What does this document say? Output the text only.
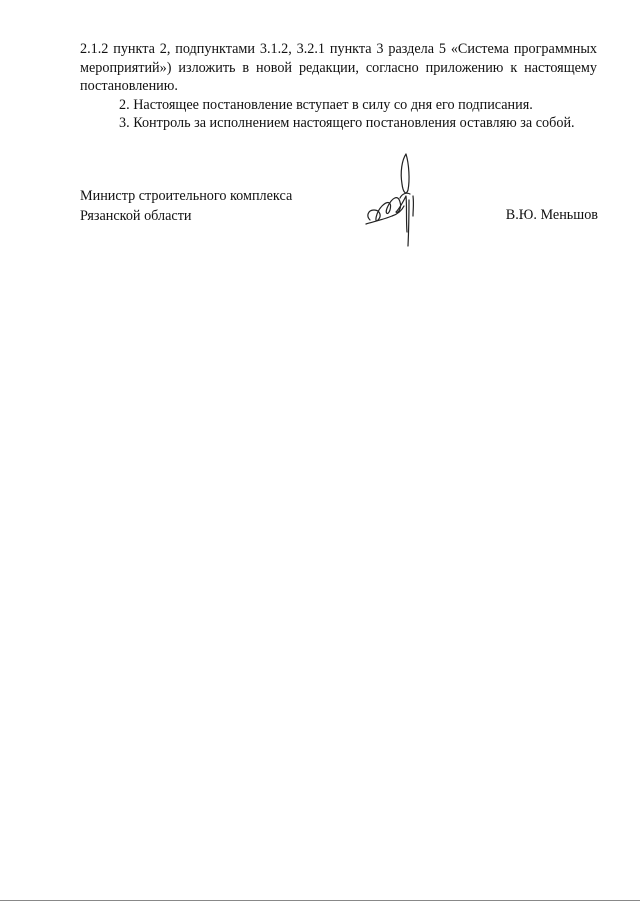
2.1.2 пункта 2, подпунктами 3.1.2, 3.2.1 пункта 3 раздела 5 «Система программных мероприятий») изложить в новой редакции, согласно приложению к настоящему постановлению.

2. Настоящее постановление вступает в силу со дня его подписания.

3. Контроль за исполнением настоящего постановления оставляю за собой.

Министр строительного комплекса
Рязанской области	В.Ю. Меньшов
